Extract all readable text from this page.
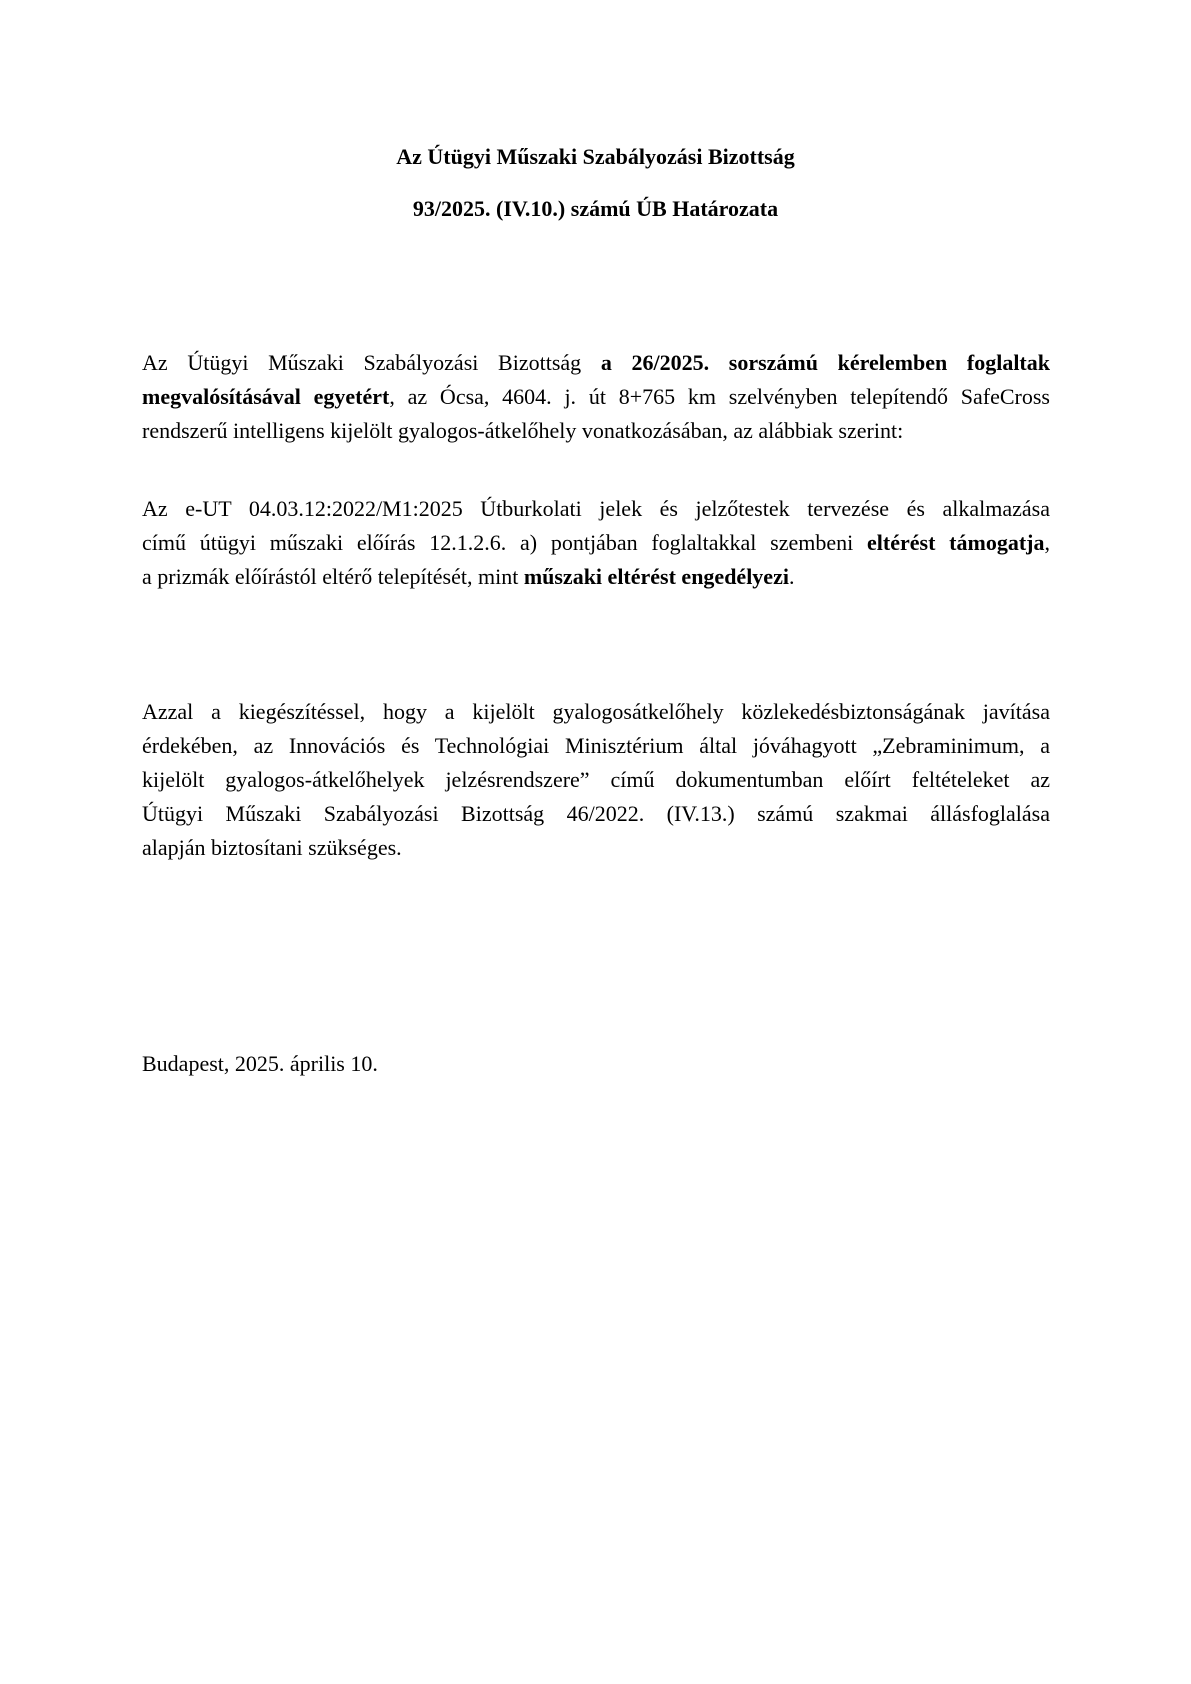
Az Útügyi Műszaki Szabályozási Bizottság
93/2025. (IV.10.) számú ÚB Határozata
Az Útügyi Műszaki Szabályozási Bizottság a 26/2025. sorszámú kérelemben foglaltak
megvalósításával egyetért, az Ócsa, 4604. j. út 8+765 km szelvényben telepítendő SafeCross
rendszerű intelligens kijelölt gyalogos-átkelőhely vonatkozásában, az alábbiak szerint:
Az e-UT 04.03.12:2022/M1:2025 Útburkolati jelek és jelzőtestek tervezése és alkalmazása
című útügyi műszaki előírás 12.1.2.6. a) pontjában foglaltakkal szembeni eltérést támogatja,
a prizmák előírástól eltérő telepítését, mint műszaki eltérést engedélyezi.
Azzal a kiegészítéssel, hogy a kijelölt gyalogosátkelőhely közlekedésbiztonságának javítása
érdekében, az Innovációs és Technológiai Minisztérium által jóváhagyott „Zebraminimum, a
kijelölt gyalogos-átkelőhelyek jelzésrendszere” című dokumentumban előírt feltételeket az
Útügyi Műszaki Szabályozási Bizottság 46/2022. (IV.13.) számú szakmai állásfoglalása
alapján biztosítani szükséges.
Budapest, 2025. április 10.
